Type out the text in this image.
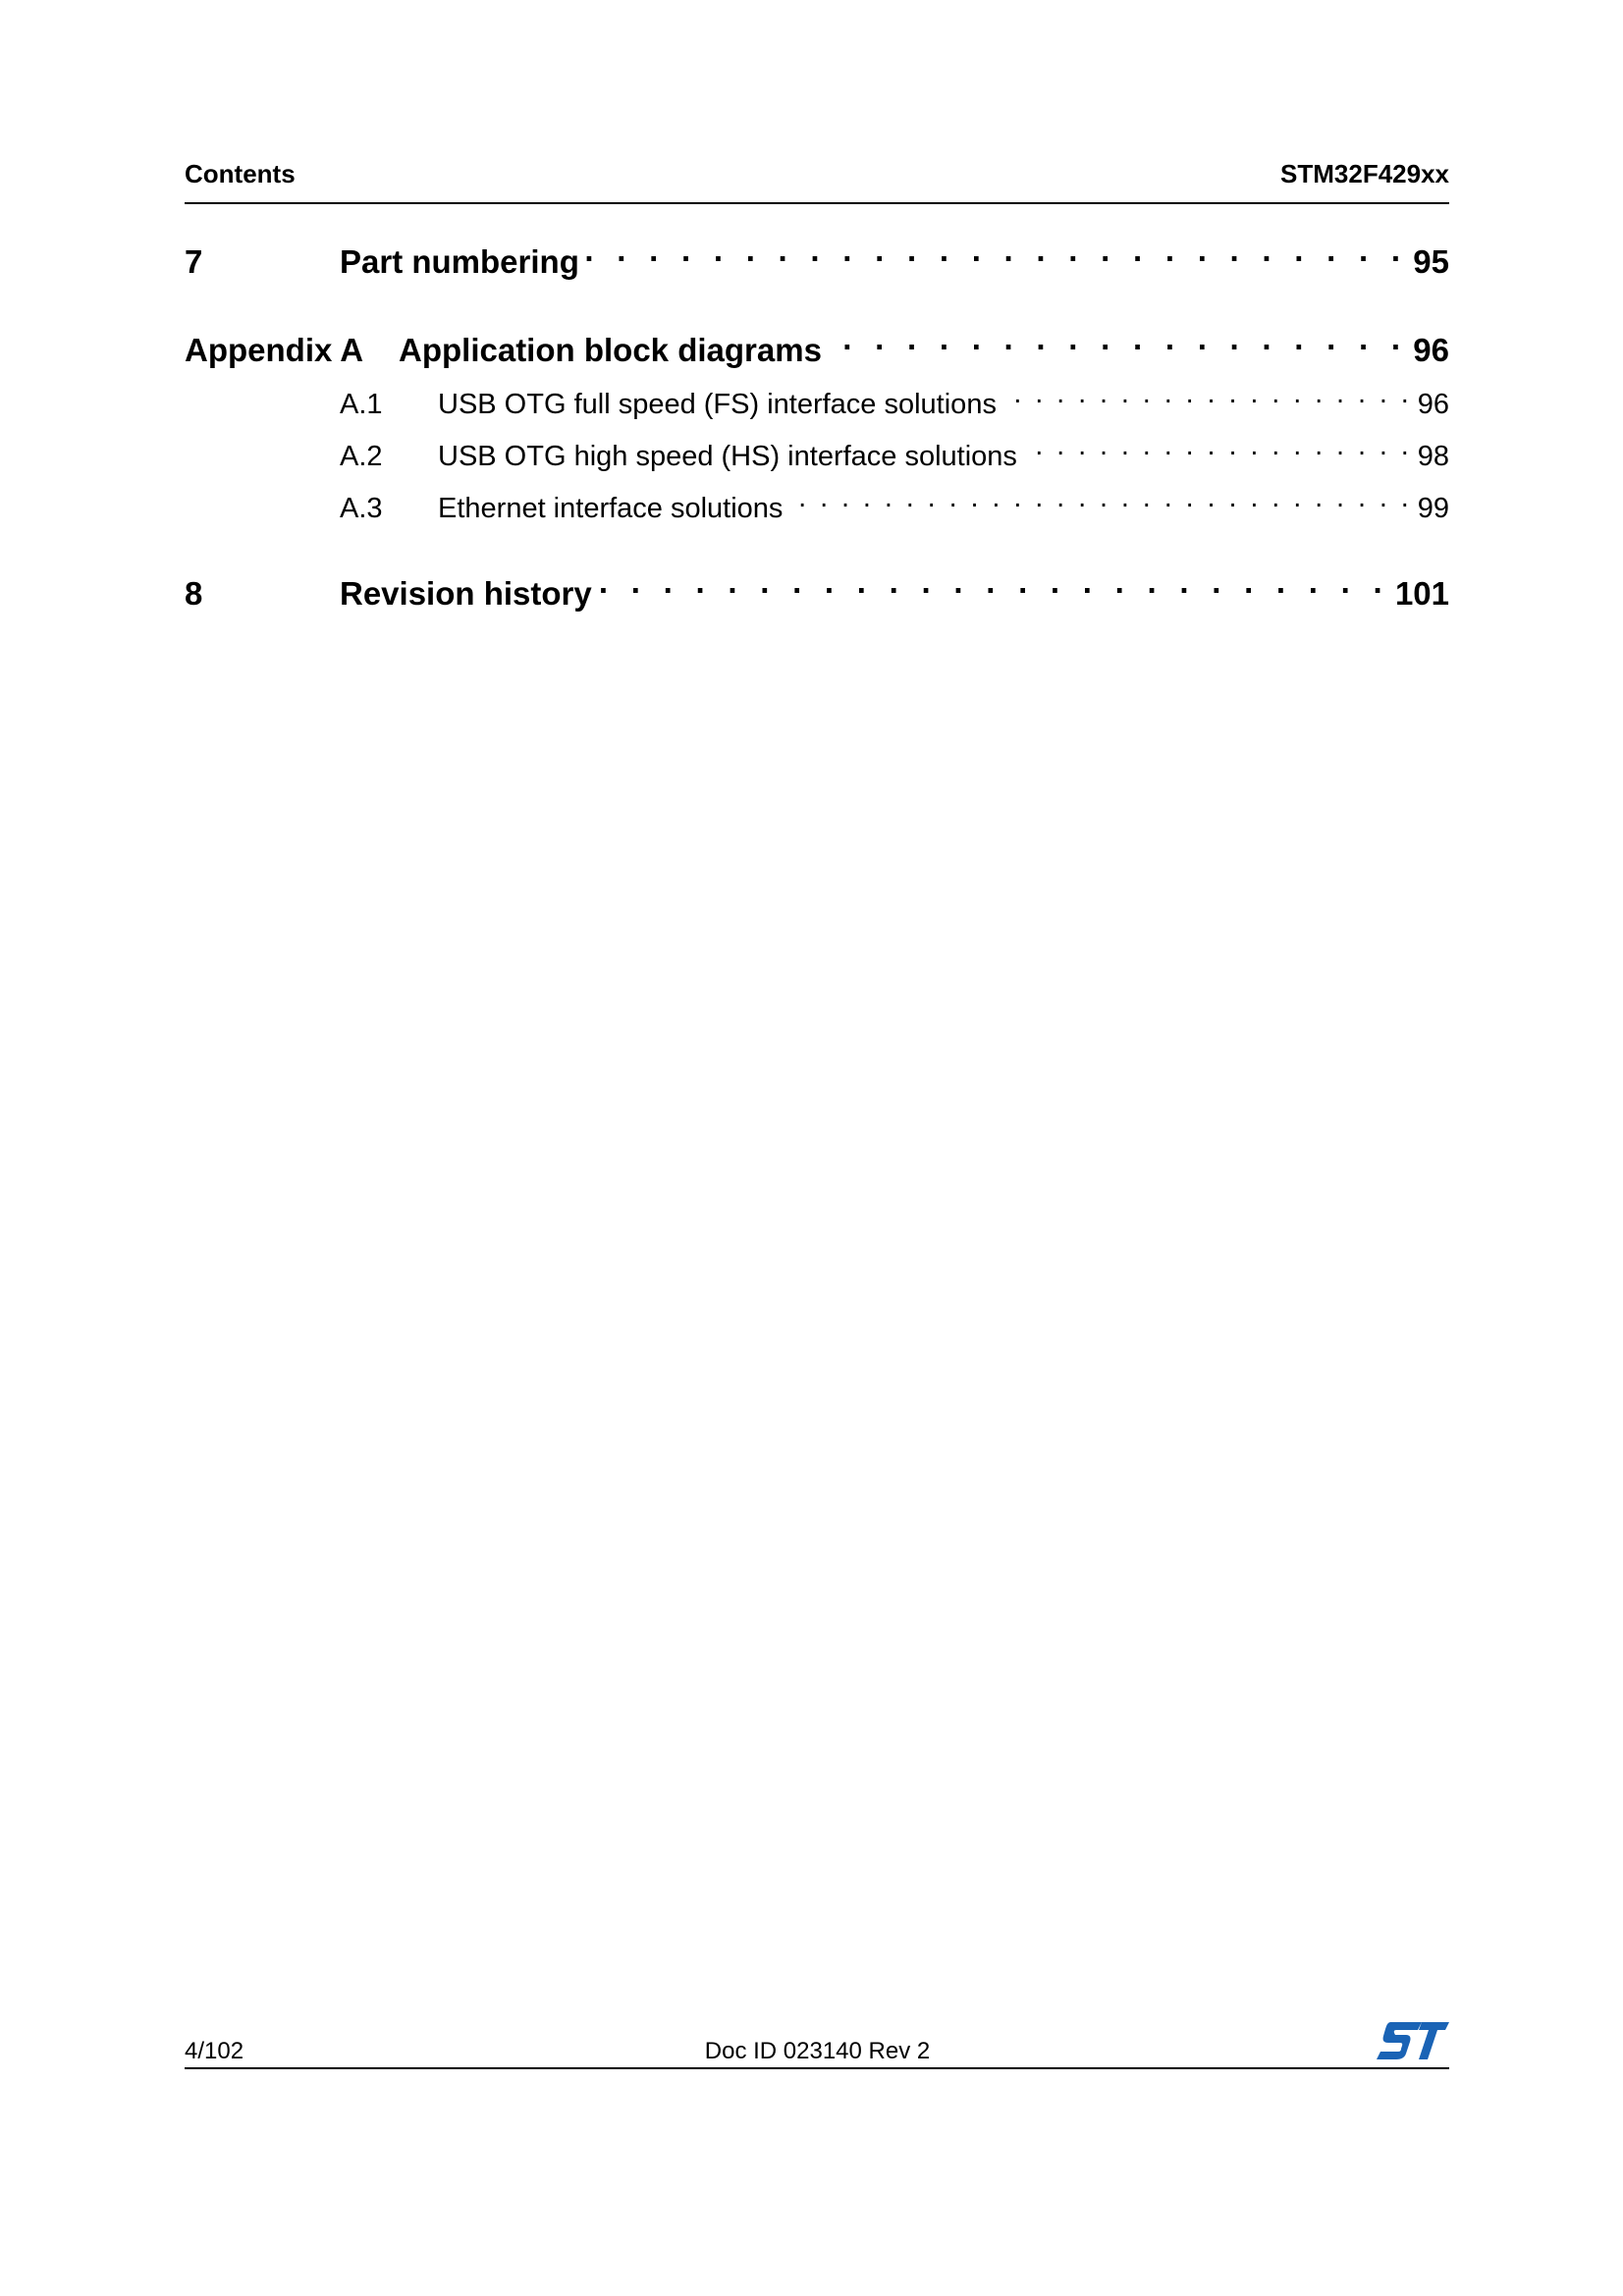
Contents	STM32F429xx
7	Part numbering . . .	95
Appendix A	Application block diagrams . . .	96
A.1	USB OTG full speed (FS) interface solutions . . .	96
A.2	USB OTG high speed (HS) interface solutions . . .	98
A.3	Ethernet interface solutions . . .	99
8	Revision history . . .	101
4/102	Doc ID 023140 Rev 2
